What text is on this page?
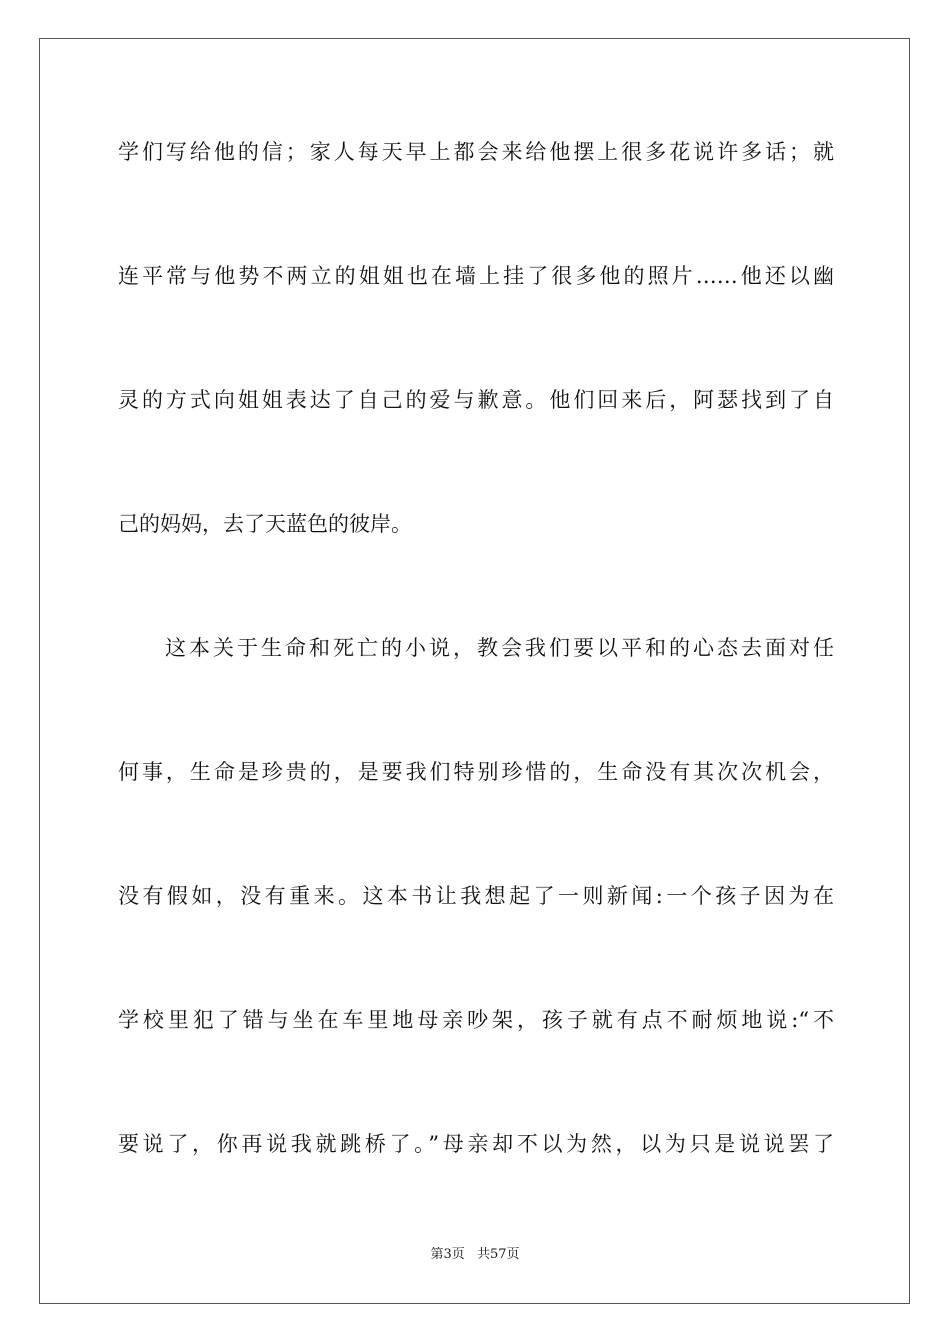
学们写给他的信；家人每天早上都会来给他摆上很多花说许多话；就
连平常与他势不两立的姐姐也在墙上挂了很多他的照片……他还以幽
灵的方式向姐姐表达了自己的爱与歉意。他们回来后，阿瑟找到了自
己的妈妈，去了天蓝色的彼岸。
这本关于生命和死亡的小说，教会我们要以平和的心态去面对任
何事，生命是珍贵的，是要我们特别珍惜的，生命没有其次次机会，
没有假如，没有重来。这本书让我想起了一则新闻:一个孩子因为在
学校里犯了错与坐在车里地母亲吵架，孩子就有点不耐烦地说:“不
要说了，你再说我就跳桥了。”母亲却不以为然，以为只是说说罢了
第3页 共57页
